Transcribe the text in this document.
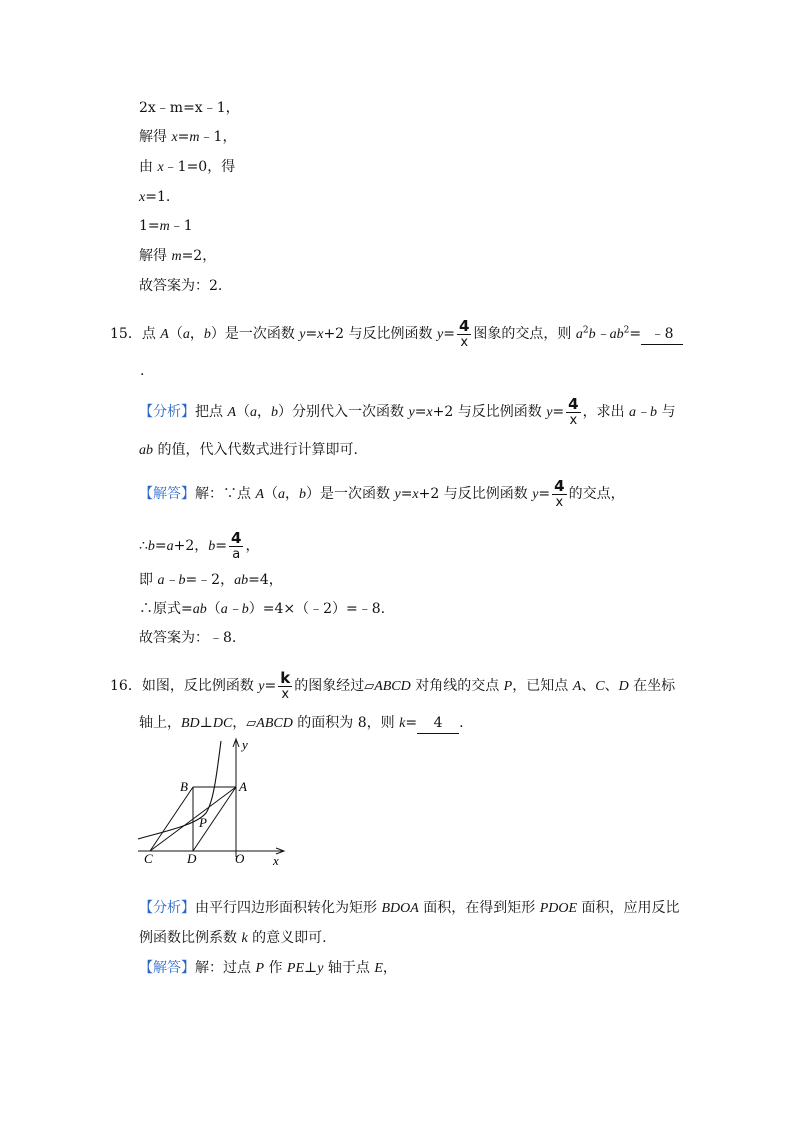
2x﹣m=x﹣1，
解得 x=m﹣1，
由 x﹣1=0，得
x=1.
1=m﹣1
解得 m=2，
故答案为：2.
15．点 A（a，b）是一次函数 y=x+2 与反比例函数 $y= \frac{4}{x}$ 图象的交点，则 $a^2b﹣ab^2=$ ﹣8
.
【分析】把点 A（a，b）分别代入一次函数 y=x+2 与反比例函数 $y= \frac{4}{x}$ ，求出 a﹣b 与
ab 的值，代入代数式进行计算即可.
【解答】解：∵点 A（a，b）是一次函数 y=x+2 与反比例函数 $y= \frac{4}{x}$ 的交点，
∴b=a+2，$b= \frac{4}{a}$ ，
即 a﹣b=﹣2，ab=4，
∴原式=ab（a﹣b）=4×（﹣2）=﹣8.
故答案为：﹣8.
16．如图，反比例函数 $y= \frac{k}{x}$ 的图象经过▱ABCD 对角线的交点 P，已知点 A、C、D 在坐标
轴上，BD⊥DC，▱ABCD 的面积为 8，则 k= 4 .
y
x
A
B
C	D	O
P
【分析】由平行四边形面积转化为矩形 BDOA 面积，在得到矩形 PDOE 面积，应用反比
例函数比例系数 k 的意义即可.
【解答】解：过点 P 作 PE⊥y 轴于点 E，
